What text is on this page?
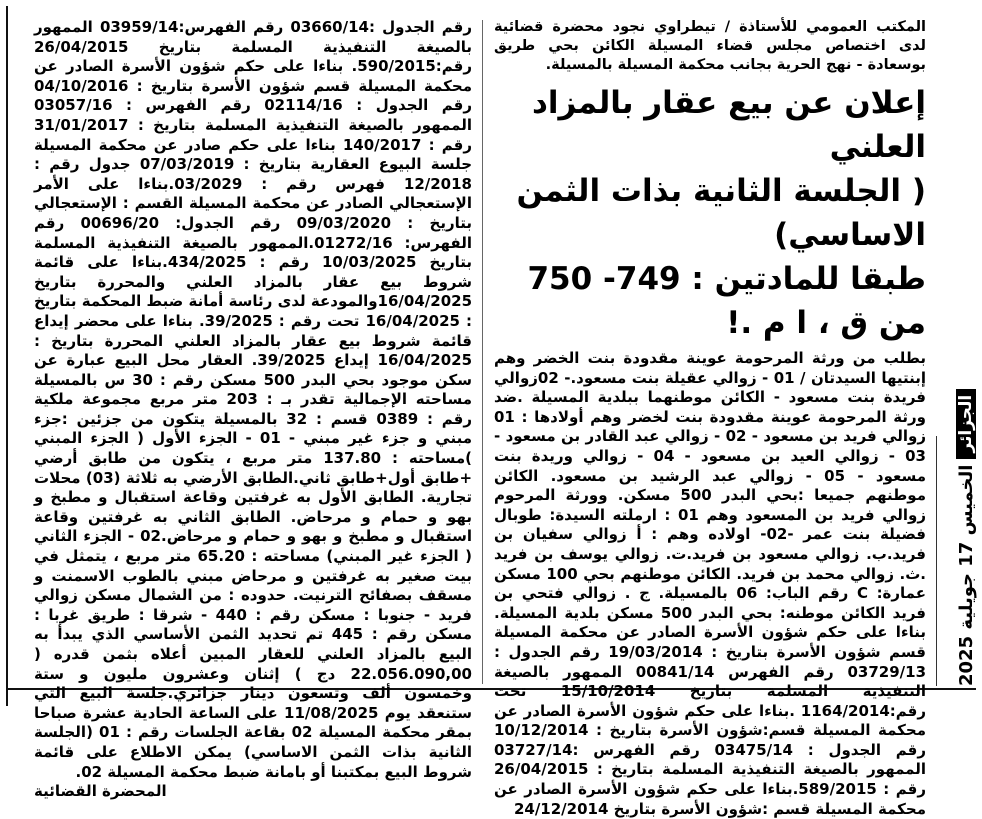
المكتب العمومي للأستاذة / تيطراوي نجود محضرة قضائية لدى اختصاص مجلس قضاء المسيلة الكائن بحي طريق بوسعادة - نهج الحرية بجانب محكمة المسيلة بالمسيلة.

إعلان عن بيع عقار بالمزاد العلني
( الجلسة الثانية بذات الثمن الاساسي)
طبقا للمادتين : 749- 750 من ق ، ا م .!

بطلب من ورثة المرحومة عوينة مقدودة بنت الخضر وهم إبنتيها السيدتان / 01 - زوالي عقيلة بنت مسعود.- 02زوالي فريدة بنت مسعود - الكائن موطنهما ببلدية المسيلة .ضد ورثة المرحومة عوينة مقدودة بنت لخضر وهم أولادها : 01 زوالي فريد بن مسعود - 02 - زوالي عبد القادر بن مسعود - 03 - زوالي العيد بن مسعود - 04 - زوالي وريدة بنت مسعود - 05 - زوالي عبد الرشيد بن مسعود. الكائن موطنهم جميعا :بحي البدر 500 مسكن. وورثة المرحوم زوالي فريد بن المسعود وهم 01 : ارملته السيدة: طوبال فضيلة بنت عمر -02- اولاده وهم : أ زوالي سفيان بن فريد.ب. زوالي مسعود بن فريد.ت. زوالي يوسف بن فريد .ث. زوالي محمد بن فريد. الكائن موطنهم بحي 100 مسكن عمارة: C رقم الباب: 06 بالمسيلة. ج . زوالي فتحي بن فريد الكائن موطنه: بحي البدر 500 مسكن بلدية المسيلة. بناءا على حكم شؤون الأسرة الصادر عن محكمة المسيلة قسم شؤون الأسرة بتاريخ : 19/03/2014 رقم الجدول : 03729/13 رقم الفهرس 00841/14 الممهور بالصيغة التنفيذية المسلمة بتاريخ 15/10/2014 تحت رقم:1164/2014 .بناءا على حكم شؤون الأسرة الصادر عن محكمة المسيلة قسم:شؤون الأسرة بتاريخ : 10/12/2014 رقم الجدول : 03475/14 رقم الفهرس :03727/14 الممهور بالصيغة التنفيذية المسلمة بتاريخ : 26/04/2015 رقم : 589/2015.بناءا على حكم شؤون الأسرة الصادر عن محكمة المسيلة قسم :شؤون الأسرة بتاريخ 24/12/2014

رقم الجدول :03660/14 رقم الفهرس:03959/14 الممهور بالصيغة التنفيذية المسلمة بتاريخ 26/04/2015 رقم:590/2015. بناءا على حكم شؤون الأسرة الصادر عن محكمة المسيلة قسم شؤون الأسرة بتاريخ : 04/10/2016 رقم الجدول : 02114/16 رقم الفهرس : 03057/16 الممهور بالصيغة التنفيذية المسلمة بتاريخ : 31/01/2017 رقم : 140/2017 بناءا على حكم صادر عن محكمة المسيلة جلسة البيوع العقارية بتاريخ : 07/03/2019 جدول رقم : 12/2018 فهرس رقم : 03/2029.بناءا على الأمر الإستعجالي الصادر عن محكمة المسيلة القسم : الإستعجالي بتاريخ : 09/03/2020 رقم الجدول: 00696/20 رقم الفهرس: 01272/16.الممهور بالصيغة التنفيذية المسلمة بتاريخ 10/03/2025 رقم : 434/2025.بناءا على قائمة شروط بيع عقار بالمزاد العلني والمحررة بتاريخ 16/04/2025والمودعة لدى رئاسة أمانة ضبط المحكمة بتاريخ : 16/04/2025 تحت رقم : 39/2025. بناءا على محضر إيداع قائمة شروط بيع عقار بالمزاد العلني المحررة بتاريخ : 16/04/2025 إيداع 39/2025. العقار محل البيع عبارة عن سكن موجود بحي البدر 500 مسكن رقم : 30 س بالمسيلة مساحته الإجمالية تقدر بـ : 203 متر مربع مجموعة ملكية رقم : 0389 قسم : 32 بالمسيلة يتكون من جزئين :جزء مبني و جزء غير مبني - 01 - الجزء الأول ( الجزء المبني )مساحته : 137.80 متر مربع ، يتكون من طابق أرضي +طابق أول+طابق ثاني.الطابق الأرضي به ثلاثة (03) محلات تجارية. الطابق الأول به غرفتين وقاعة استقبال و مطبخ و بهو و حمام و مرحاض. الطابق الثاني به غرفتين وقاعة استقبال و مطبخ و بهو و حمام و مرحاض.02 - الجزء الثاني ( الجزء غير المبني) مساحته : 65.20 متر مربع ، يتمثل في بيت صغير به غرفتين و مرحاض مبني بالطوب الاسمنت و مسقف بصفائح الترنيت. حدوده : من الشمال مسكن زوالي فريد - جنوبا : مسكن رقم : 440 - شرقا : طريق غربا : مسكن رقم : 445 تم تحديد الثمن الأساسي الذي يبدأ به البيع بالمزاد العلني للعقار المبين أعلاه بثمن قدره ( 22.056.090,00 دج ) إثنان وعشرون مليون و ستة وخمسون ألف وتسعون دينار جزائري.جلسة البيع التي ستنعقد يوم 11/08/2025 على الساعة الحادية عشرة صباحا بمقر محكمة المسيلة 02 بقاعة الجلسات رقم : 01 (الجلسة الثانية بذات الثمن الاساسي) يمكن الاطلاع على قائمة شروط البيع بمكتبنا أو بامانة ضبط محكمة المسيلة 02.
المحضرة القضائية

الخميس 17 جويلية 2025
الجزائر
